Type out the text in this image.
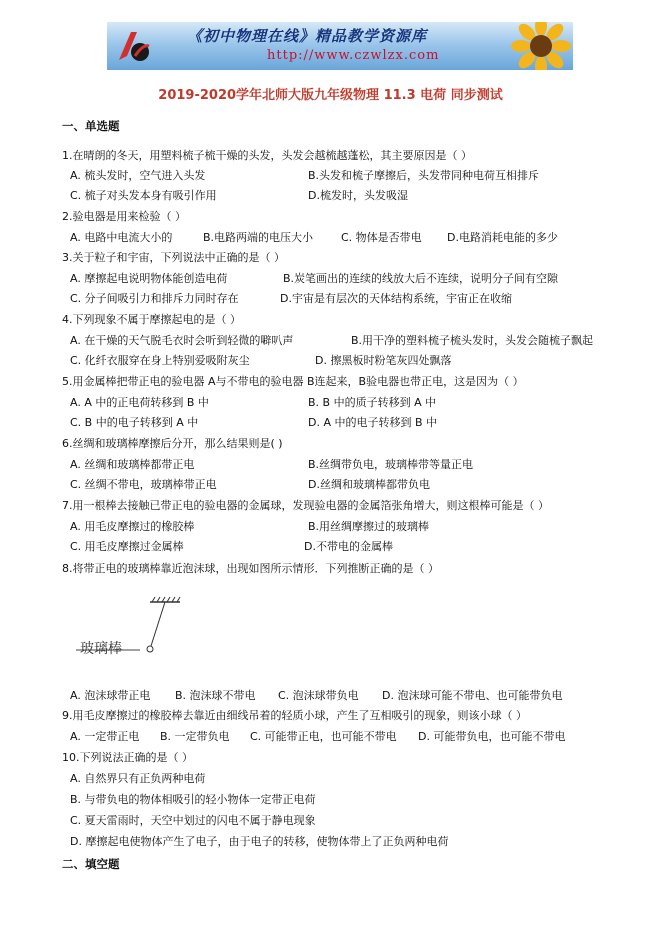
《初中物理在线》精品教学资源库
http://www.czwlzx.com
2019-2020学年北师大版九年级物理 11.3 电荷 同步测试
一、单选题
1.在晴朗的冬天，用塑料梳子梳干燥的头发，头发会越梳越蓬松，其主要原因是（ ）
A. 梳头发时，空气进入头发	B.头发和梳子摩擦后，头发带同种电荷互相排斥
C. 梳子对头发本身有吸引作用	D.梳发时，头发吸湿
2.验电器是用来检验（ ）
A. 电路中电流大小的	B.电路两端的电压大小	C. 物体是否带电 D.电路消耗电能的多少
3.关于粒子和宇宙，下列说法中正确的是（ ）
A. 摩擦起电说明物体能创造电荷	B.炭笔画出的连续的线放大后不连续，说明分子间有空隙
C. 分子间吸引力和排斥力同时存在	D.宇宙是有层次的天体结构系统，宇宙正在收缩
4.下列现象不属于摩擦起电的是（ ）
A. 在干燥的天气脱毛衣时会听到轻微的噼叭声	B.用干净的塑料梳子梳头发时，头发会随梳子飘起
C. 化纤衣服穿在身上特别爱吸附灰尘	D. 擦黑板时粉笔灰四处飘落
5.用金属棒把带正电的验电器 A与不带电的验电器 B连起来，B验电器也带正电，这是因为（ ）
A. A 中的正电荷转移到 B 中	B. B 中的质子转移到 A 中
C. B 中的电子转移到 A 中	D. A 中的电子转移到 B 中
6.丝绸和玻璃棒摩擦后分开，那么结果则是( )
A. 丝绸和玻璃棒都带正电	B.丝绸带负电，玻璃棒带等量正电
C. 丝绸不带电，玻璃棒带正电	D.丝绸和玻璃棒都带负电
7.用一根棒去接触已带正电的验电器的金属球，发现验电器的金属箔张角增大，则这根棒可能是（ ）
A. 用毛皮摩擦过的橡胶棒	B.用丝绸摩擦过的玻璃棒
C. 用毛皮摩擦过金属棒	D.不带电的金属棒
8.将带正电的玻璃棒靠近泡沫球，出现如图所示情形．下列推断正确的是（ ）
玻璃棒
A. 泡沫球带正电 B. 泡沫球不带电 C. 泡沫球带负电 D. 泡沫球可能不带电、也可能带负电
9.用毛皮摩擦过的橡胶棒去靠近由细线吊着的轻质小球，产生了互相吸引的现象，则该小球（ ）
A. 一定带正电 B. 一定带负电 C. 可能带正电，也可能不带电 D. 可能带负电，也可能不带电
10.下列说法正确的是（ ）
A. 自然界只有正负两种电荷
B. 与带负电的物体相吸引的轻小物体一定带正电荷
C. 夏天雷雨时，天空中划过的闪电不属于静电现象
D. 摩擦起电使物体产生了电子，由于电子的转移，使物体带上了正负两种电荷
二、填空题
